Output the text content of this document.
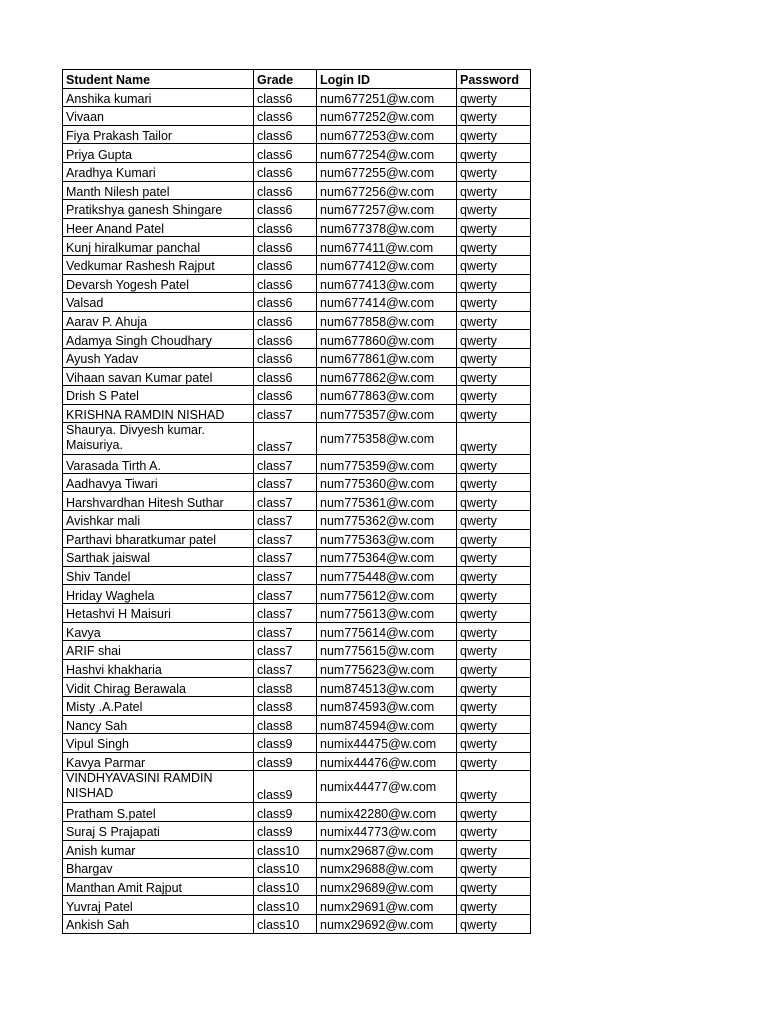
Student Name	Grade	Login ID	Password
Anshika kumari	class6	num677251@w.com	qwerty
Vivaan	class6	num677252@w.com	qwerty
Fiya Prakash Tailor	class6	num677253@w.com	qwerty
Priya Gupta	class6	num677254@w.com	qwerty
Aradhya Kumari	class6	num677255@w.com	qwerty
Manth Nilesh patel	class6	num677256@w.com	qwerty
Pratikshya ganesh Shingare	class6	num677257@w.com	qwerty
Heer Anand Patel	class6	num677378@w.com	qwerty
Kunj hiralkumar panchal	class6	num677411@w.com	qwerty
Vedkumar Rashesh Rajput	class6	num677412@w.com	qwerty
Devarsh Yogesh Patel	class6	num677413@w.com	qwerty
Valsad	class6	num677414@w.com	qwerty
Aarav P. Ahuja	class6	num677858@w.com	qwerty
Adamya Singh Choudhary	class6	num677860@w.com	qwerty
Ayush Yadav	class6	num677861@w.com	qwerty
Vihaan savan Kumar patel	class6	num677862@w.com	qwerty
Drish S Patel	class6	num677863@w.com	qwerty
KRISHNA RAMDIN NISHAD	class7	num775357@w.com	qwerty
Shaurya. Divyesh kumar. Maisuriya.	class7	num775358@w.com	qwerty
Varasada Tirth A.	class7	num775359@w.com	qwerty
Aadhavya Tiwari	class7	num775360@w.com	qwerty
Harshvardhan Hitesh Suthar	class7	num775361@w.com	qwerty
Avishkar mali	class7	num775362@w.com	qwerty
Parthavi bharatkumar patel	class7	num775363@w.com	qwerty
Sarthak jaiswal	class7	num775364@w.com	qwerty
Shiv Tandel	class7	num775448@w.com	qwerty
Hriday Waghela	class7	num775612@w.com	qwerty
Hetashvi H Maisuri	class7	num775613@w.com	qwerty
Kavya	class7	num775614@w.com	qwerty
ARIF shai	class7	num775615@w.com	qwerty
Hashvi khakharia	class7	num775623@w.com	qwerty
Vidit Chirag Berawala	class8	num874513@w.com	qwerty
Misty .A.Patel	class8	num874593@w.com	qwerty
Nancy Sah	class8	num874594@w.com	qwerty
Vipul Singh	class9	numix44475@w.com	qwerty
Kavya Parmar	class9	numix44476@w.com	qwerty
VINDHYAVASINI RAMDIN NISHAD	class9	numix44477@w.com	qwerty
Pratham S.patel	class9	numix42280@w.com	qwerty
Suraj S Prajapati	class9	numix44773@w.com	qwerty
Anish kumar	class10	numx29687@w.com	qwerty
Bhargav	class10	numx29688@w.com	qwerty
Manthan Amit Rajput	class10	numx29689@w.com	qwerty
Yuvraj Patel	class10	numx29691@w.com	qwerty
Ankish Sah	class10	numx29692@w.com	qwerty
